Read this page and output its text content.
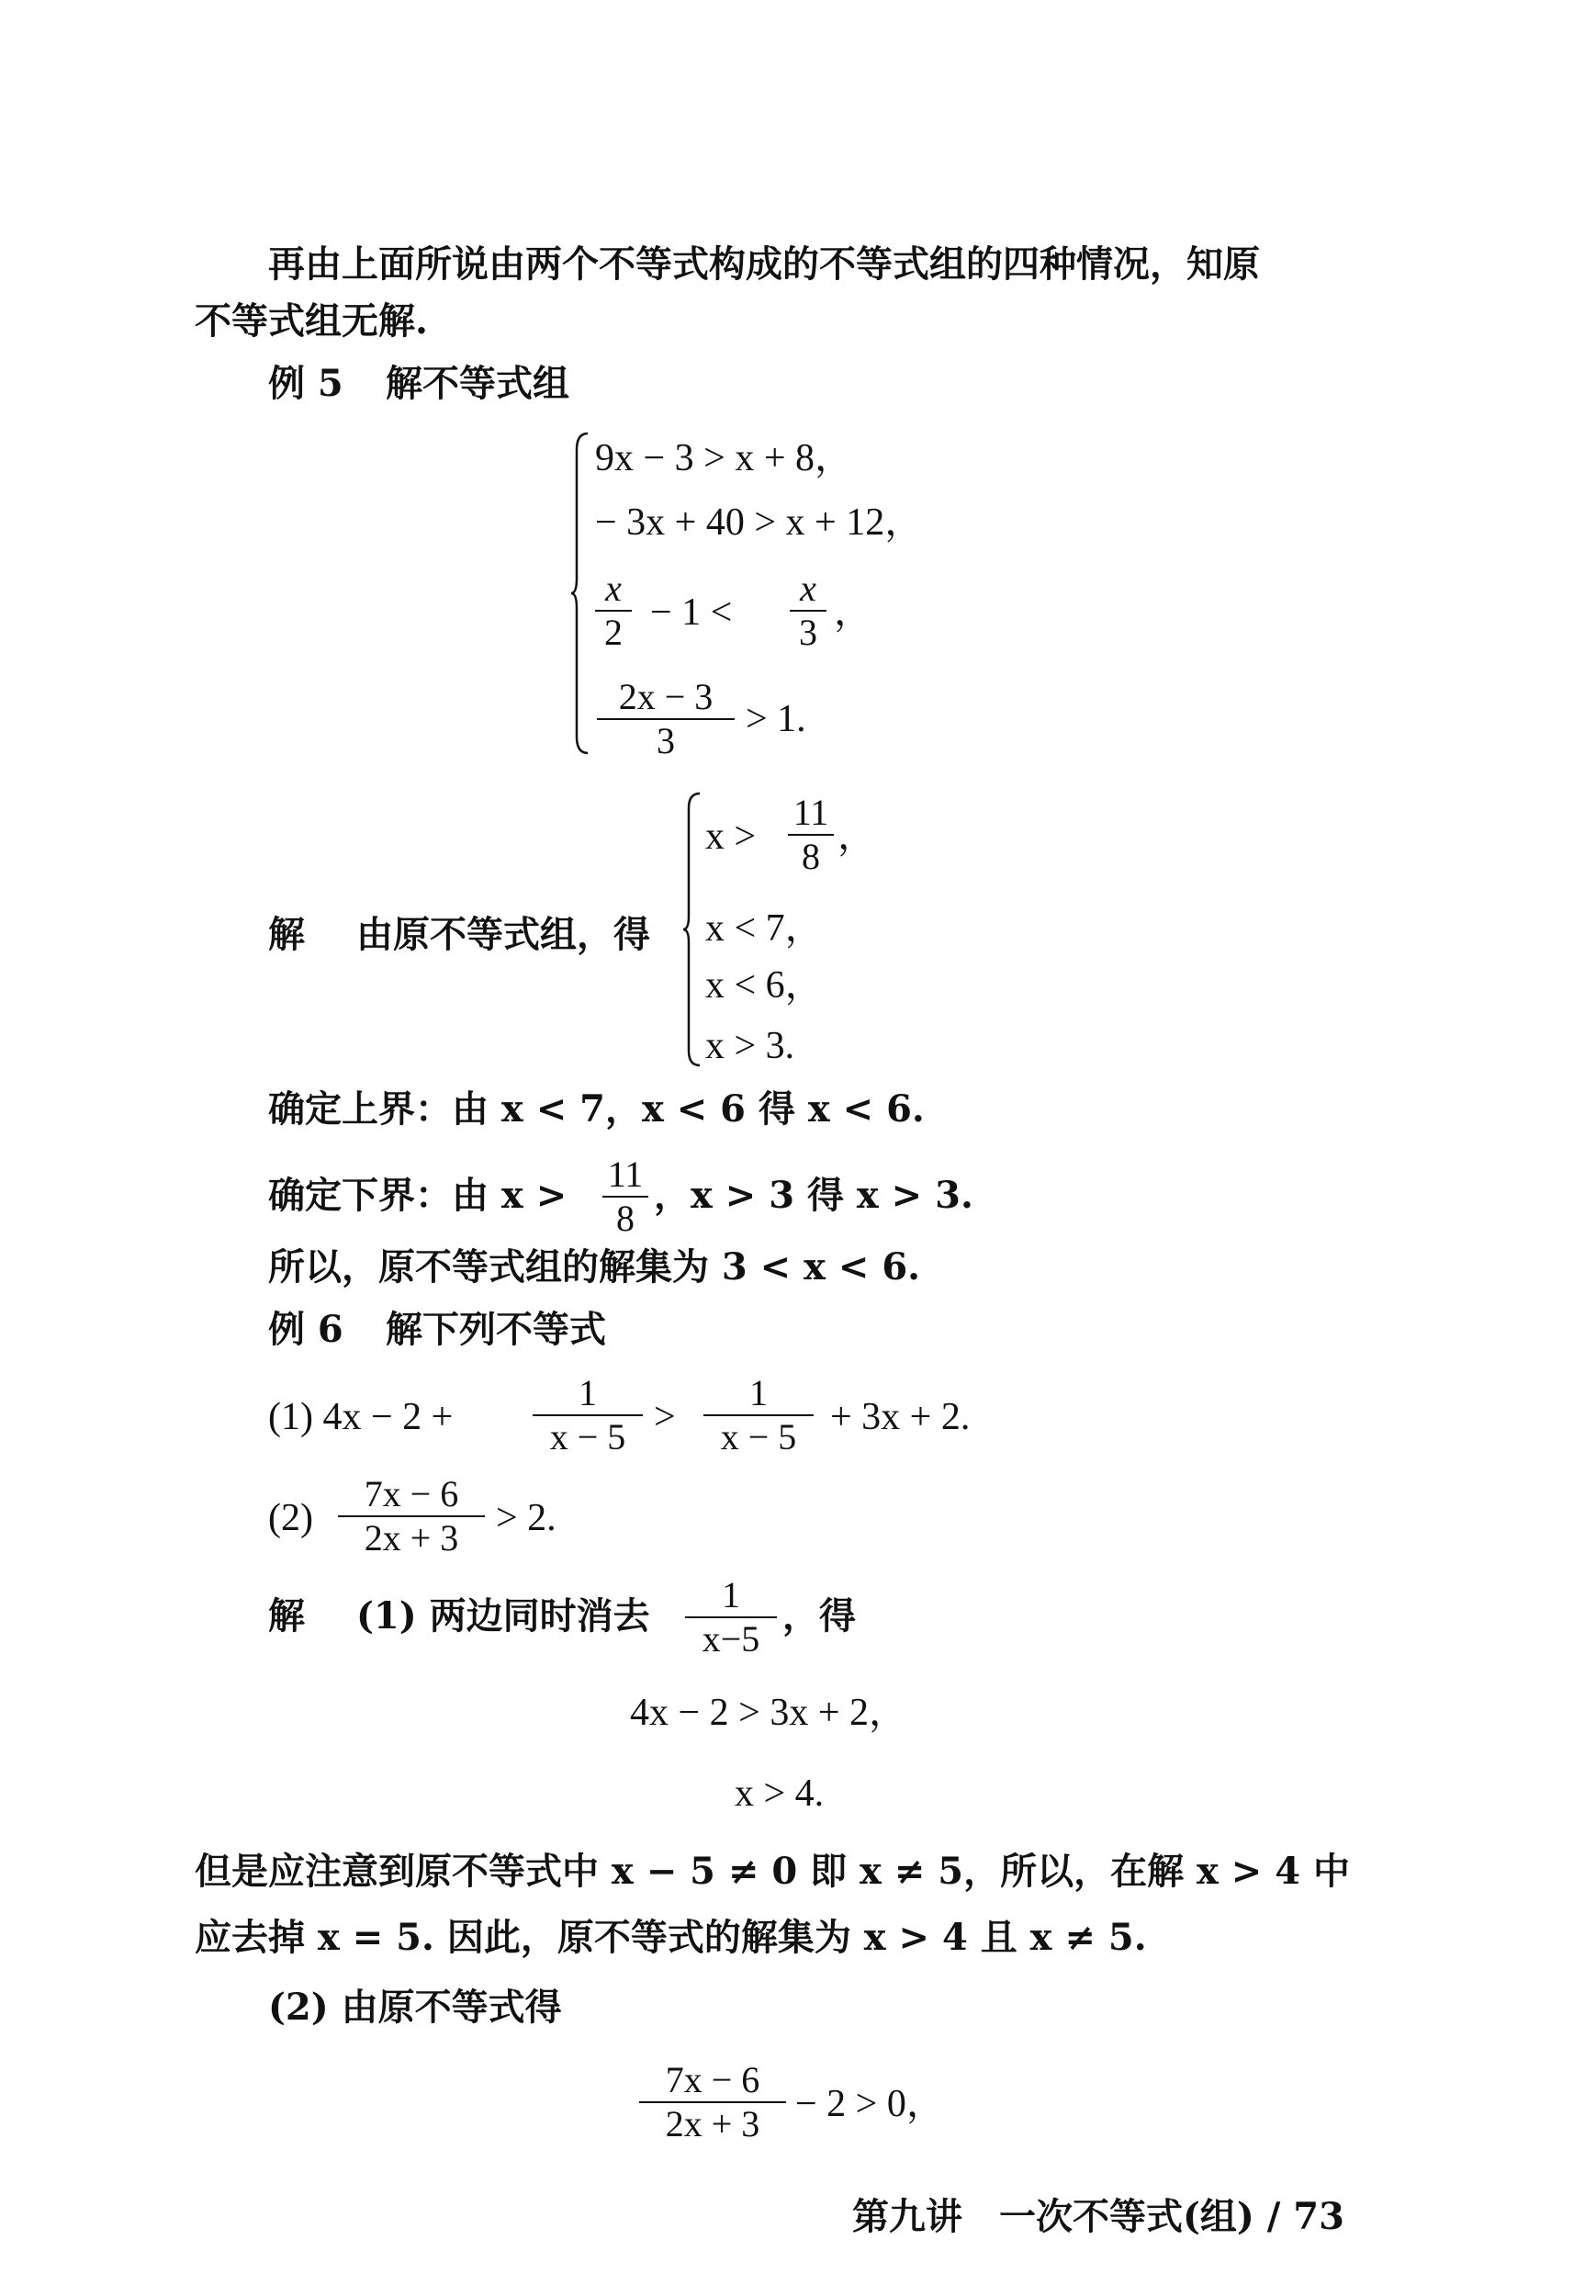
再由上面所说由两个不等式构成的不等式组的四种情况，知原
不等式组无解.
例 5 解不等式组
9x − 3 > x + 8，
− 3x + 40 > x + 12，
x
2 − 1 <
x
3 ，
2x − 3
3
> 1.
解 由原不等式组，得
x >
11
8 ，
x < 7，
x < 6，
x > 3.
确定上界：由 x < 7，x < 6 得 x < 6.
确定下界：由 x > 11
8
，x > 3 得 x > 3.
所以，原不等式组的解集为 3 < x < 6.
例 6 解下列不等式
(1) 4x − 2 +
1
x − 5 >
1
x − 5 + 3x + 2.
(2)
7x − 6
2x + 3 > 2.
解 (1) 两边同时消去	1
x−5
，得
4x − 2 > 3x + 2，
x > 4.
但是应注意到原不等式中 x − 5 ≠ 0 即 x ≠ 5，所以，在解 x > 4 中
应去掉 x = 5. 因此，原不等式的解集为 x > 4 且 x ≠ 5.
(2) 由原不等式得
7x − 6
2x + 3 − 2 > 0，
第九讲　一次不等式(组) / 73
